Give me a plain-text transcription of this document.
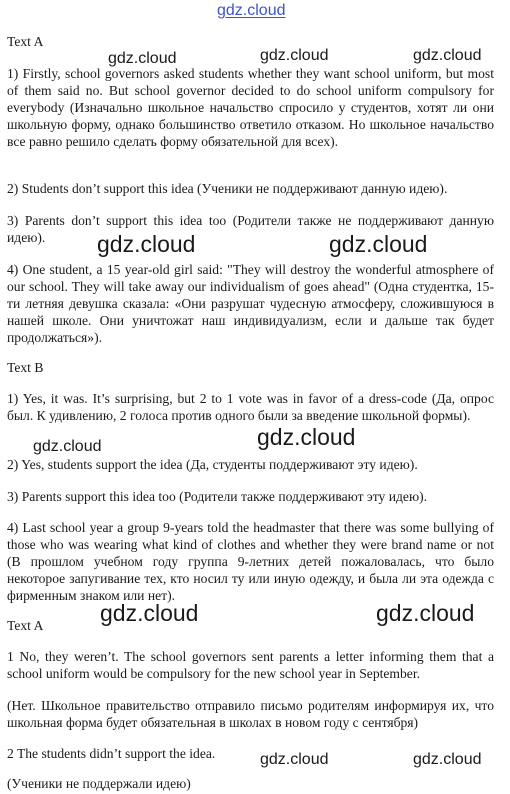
gdz.cloud

Text A

1) Firstly, school governors asked students whether they want school uniform, but most of them said no. But school governor decided to do school uniform compulsory for everybody (Изначально школьное начальство спросило у студентов, хотят ли они школьную форму, однако большинство ответило отказом. Но школьное начальство все равно решило сделать форму обязательной для всех).

2) Students don’t support this idea (Ученики не поддерживают данную идею).

3) Parents don’t support this idea too (Родители также не поддерживают данную идею).

4) One student, a 15 year-old girl said: "They will destroy the wonderful atmosphere of our school. They will take away our individualism of goes ahead" (Одна студентка, 15-ти летняя девушка сказала: «Они разрушат чудесную атмосферу, сложившуюся в нашей школе. Они уничтожат наш индивидуализм, если и дальше так будет продолжаться»).

Text B

1) Yes, it was. It’s surprising, but 2 to 1 vote was in favor of a dress-code (Да, опрос был. К удивлению, 2 голоса против одного были за введение школьной формы).

2) Yes, students support the idea (Да, студенты поддерживают эту идею).

3) Parents support this idea too (Родители также поддерживают эту идею).

4) Last school year a group 9-years told the headmaster that there was some bullying of those who was wearing what kind of clothes and whether they were brand name or not (В прошлом учебном году группа 9-летних детей пожаловалась, что было некоторое запугивание тех, кто носил ту или иную одежду, и была ли эта одежда с фирменным знаком или нет).

Text A

1 No, they weren’t. The school governors sent parents a letter informing them that a school uniform would be compulsory for the new school year in September.

(Нет. Школьное правительство отправило письмо родителям информируя их, что школьная форма будет обязательная в школах в новом году с сентября)

2 The students didn’t support the idea.

(Ученики не поддержали идею)

gdz.cloud	gdz.cloud	gdz.cloud
gdz.cloud	gdz.cloud
gdz.cloud	gdz.cloud
gdz.cloud	gdz.cloud
gdz.cloud	gdz.cloud
